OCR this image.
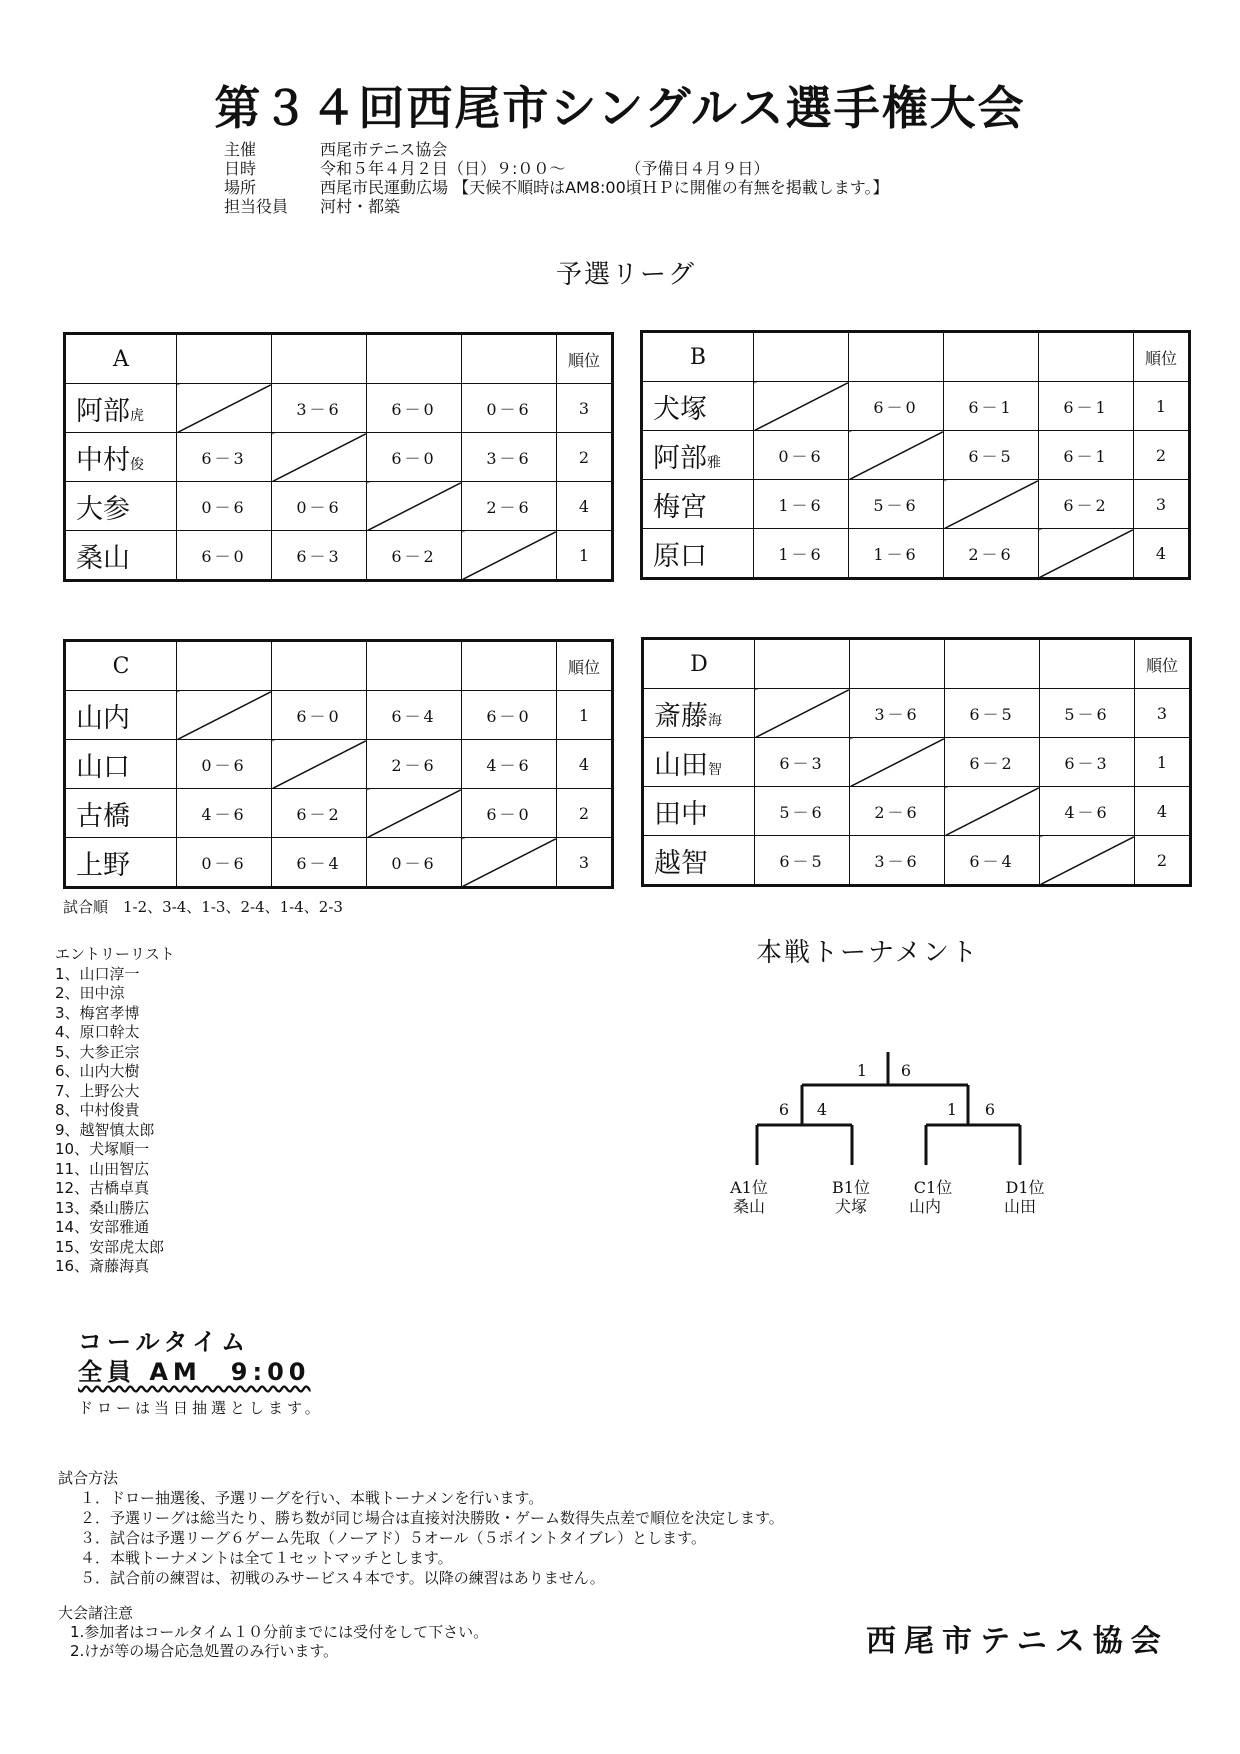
第３４回西尾市シングルス選手権大会
主催	西尾市テニス協会
日時	令和５年４月２日（日）９:００～	（予備日４月９日）
場所	西尾市民運動広場 【天候不順時はAM8:00頃ＨＰに開催の有無を掲載します。】
担当役員	河村・都築
予選リーグ
A					順位
阿部虎		3－6	6－0	0－6	3
中村俊	6－3		6－0	3－6	2
大参	0－6	0－6		2－6	4
桑山	6－0	6－3	6－2		1
B					順位
犬塚		6－0	6－1	6－1	1
阿部雅	0－6		6－5	6－1	2
梅宮	1－6	5－6		6－2	3
原口	1－6	1－6	2－6		4
C					順位
山内		6－0	6－4	6－0	1
山口	0－6		2－6	4－6	4
古橋	4－6	6－2		6－0	2
上野	0－6	6－4	0－6		3
D					順位
斎藤海		3－6	6－5	5－6	3
山田智	6－3		6－2	6－3	1
田中	5－6	2－6		4－6	4
越智	6－5	3－6	6－4		2
試合順　1-2、3-4、1-3、2-4、1-4、2-3
エントリーリスト
1、山口淳一
2、田中涼
3、梅宮孝博
4、原口幹太
5、大参正宗
6、山内大樹
7、上野公大
8、中村俊貴
9、越智慎太郎
10、犬塚順一
11、山田智広
12、古橋卓真
13、桑山勝広
14、安部雅通
15、安部虎太郎
16、斎藤海真
本戦トーナメント
1 6
6 4	1 6
A1位
桑山
B1位
犬塚
C1位
山内
D1位
山田
コールタイム
全員 AM　9:00
ドローは当日抽選とします。
試合方法
１．ドロー抽選後、予選リーグを行い、本戦トーナメンを行います。
２．予選リーグは総当たり、勝ち数が同じ場合は直接対決勝敗・ゲーム数得失点差で順位を決定します。
３．試合は予選リーグ６ゲーム先取（ノーアド）５オール（５ポイントタイブレ）とします。
４．本戦トーナメントは全て１セットマッチとします。
５．試合前の練習は、初戦のみサービス４本です。以降の練習はありません。
大会諸注意
1.参加者はコールタイム１０分前までには受付をして下さい。
2.けが等の場合応急処置のみ行います。	西尾市テニス協会
